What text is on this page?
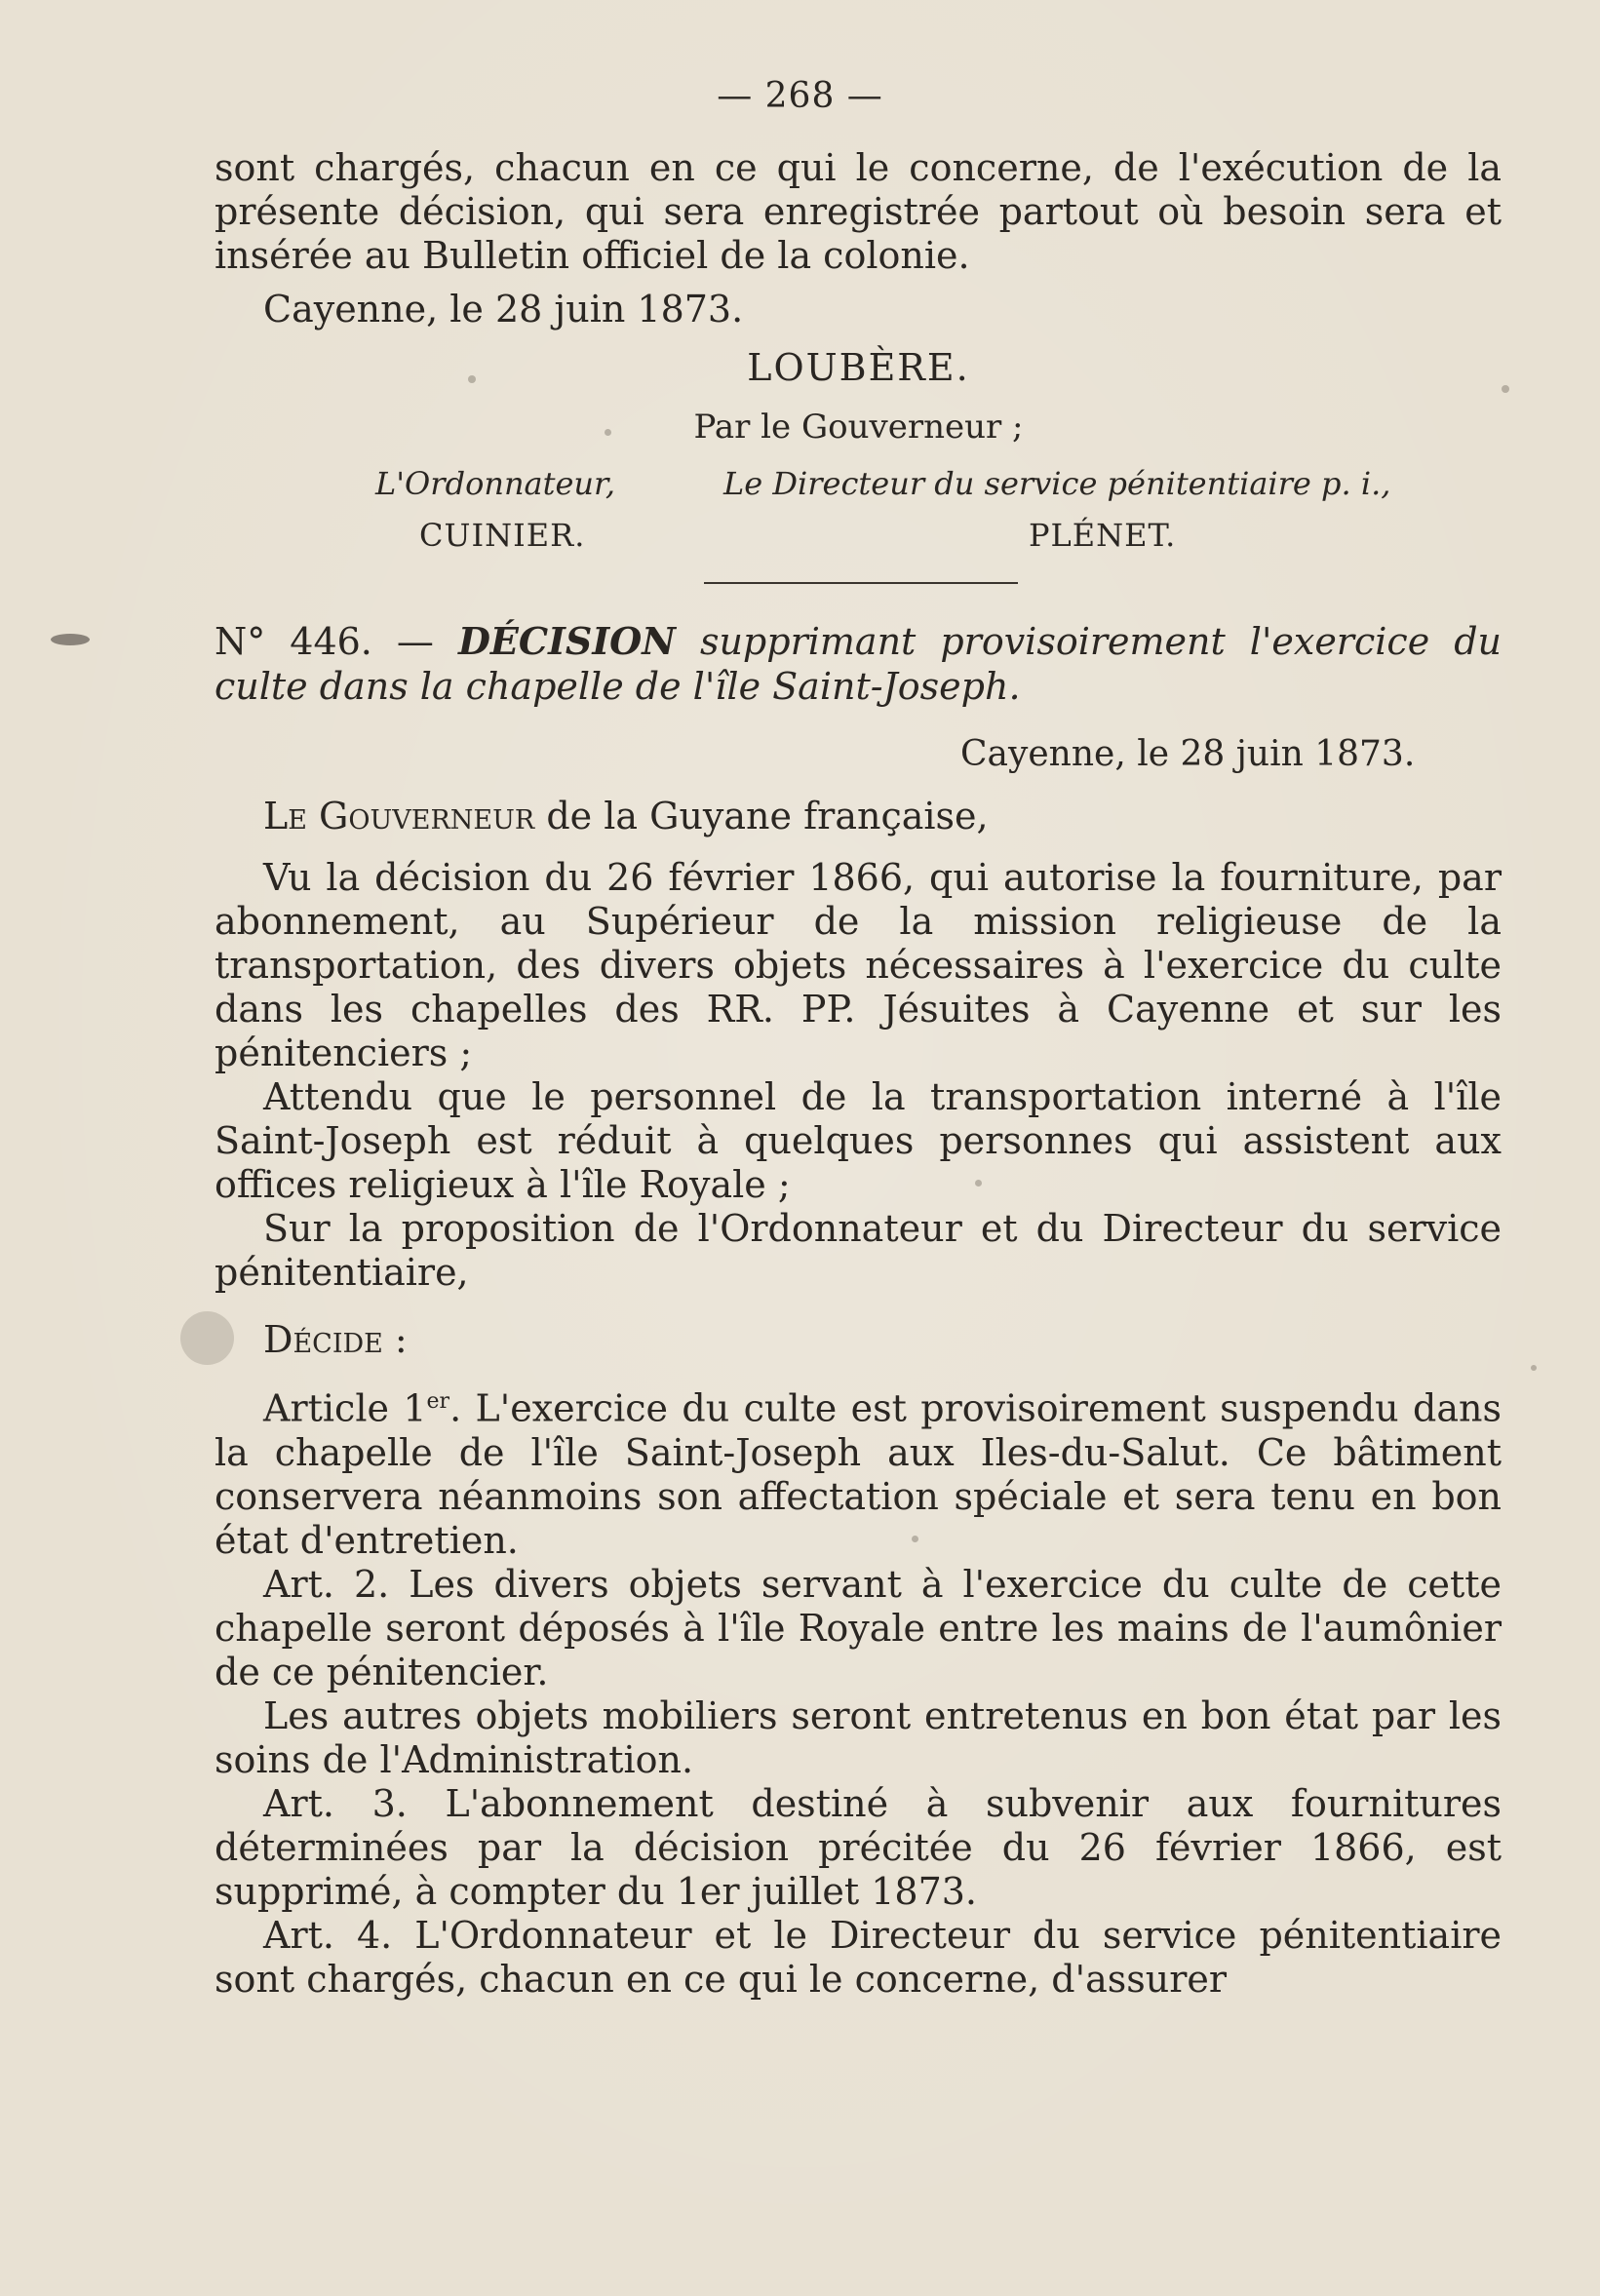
— 268 —

sont chargés, chacun en ce qui le concerne, de l'exécution de la présente décision, qui sera enregistrée partout où besoin sera et insérée au Bulletin officiel de la colonie.

Cayenne, le 28 juin 1873.

LOUBÈRE.
Par le Gouverneur ;
L'Ordonnateur,
CUINIER.
Le Directeur du service pénitentiaire p. i.,
PLÉNET.

N° 446. — DÉCISION supprimant provisoirement l'exercice du culte dans la chapelle de l'île Saint-Joseph.

Cayenne, le 28 juin 1873.

Le Gouverneur de la Guyane française,

Vu la décision du 26 février 1866, qui autorise la fourniture, par abonnement, au Supérieur de la mission religieuse de la transportation, des divers objets nécessaires à l'exercice du culte dans les chapelles des RR. PP. Jésuites à Cayenne et sur les pénitenciers ;

Attendu que le personnel de la transportation interné à l'île Saint-Joseph est réduit à quelques personnes qui assistent aux offices religieux à l'île Royale ;

Sur la proposition de l'Ordonnateur et du Directeur du service pénitentiaire,

Décide :

Article 1er. L'exercice du culte est provisoirement suspendu dans la chapelle de l'île Saint-Joseph aux Iles-du-Salut. Ce bâtiment conservera néanmoins son affectation spéciale et sera tenu en bon état d'entretien.

Art. 2. Les divers objets servant à l'exercice du culte de cette chapelle seront déposés à l'île Royale entre les mains de l'aumônier de ce pénitencier.

Les autres objets mobiliers seront entretenus en bon état par les soins de l'Administration.

Art. 3. L'abonnement destiné à subvenir aux fournitures déterminées par la décision précitée du 26 février 1866, est supprimé, à compter du 1er juillet 1873.

Art. 4. L'Ordonnateur et le Directeur du service pénitentiaire sont chargés, chacun en ce qui le concerne, d'assurer
